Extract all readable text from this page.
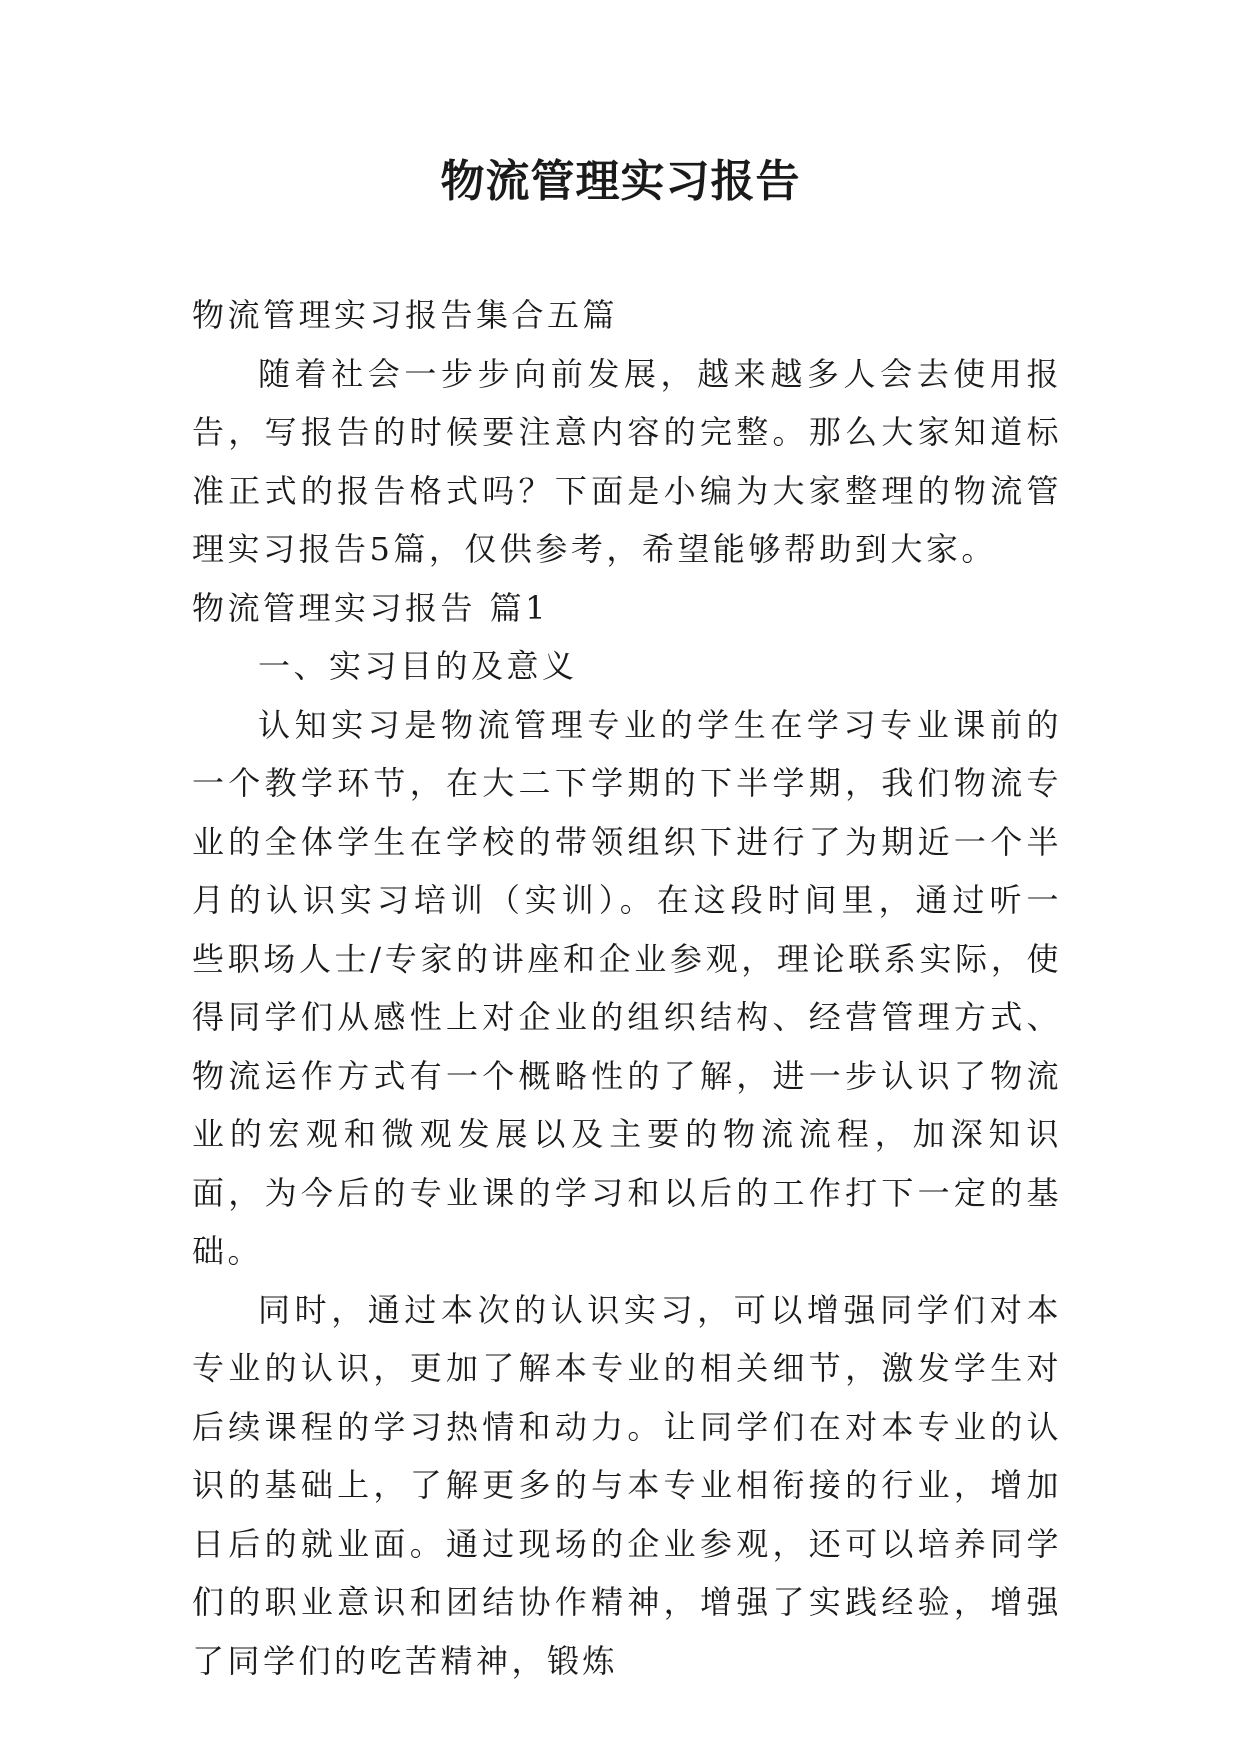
物流管理实习报告

物流管理实习报告集合五篇

随着社会一步步向前发展，越来越多人会去使用报告，写报告的时候要注意内容的完整。那么大家知道标准正式的报告格式吗？下面是小编为大家整理的物流管理实习报告5篇，仅供参考，希望能够帮助到大家。

物流管理实习报告 篇1

一、实习目的及意义

认知实习是物流管理专业的学生在学习专业课前的一个教学环节，在大二下学期的下半学期，我们物流专业的全体学生在学校的带领组织下进行了为期近一个半月的认识实习培训（实训）。在这段时间里，通过听一些职场人士/专家的讲座和企业参观，理论联系实际，使得同学们从感性上对企业的组织结构、经营管理方式、物流运作方式有一个概略性的了解，进一步认识了物流业的宏观和微观发展以及主要的物流流程，加深知识面，为今后的专业课的学习和以后的工作打下一定的基础。

同时，通过本次的认识实习，可以增强同学们对本专业的认识，更加了解本专业的相关细节，激发学生对后续课程的学习热情和动力。让同学们在对本专业的认识的基础上，了解更多的与本专业相衔接的行业，增加日后的就业面。通过现场的企业参观，还可以培养同学们的职业意识和团结协作精神，增强了实践经验，增强了同学们的吃苦精神，锻炼
